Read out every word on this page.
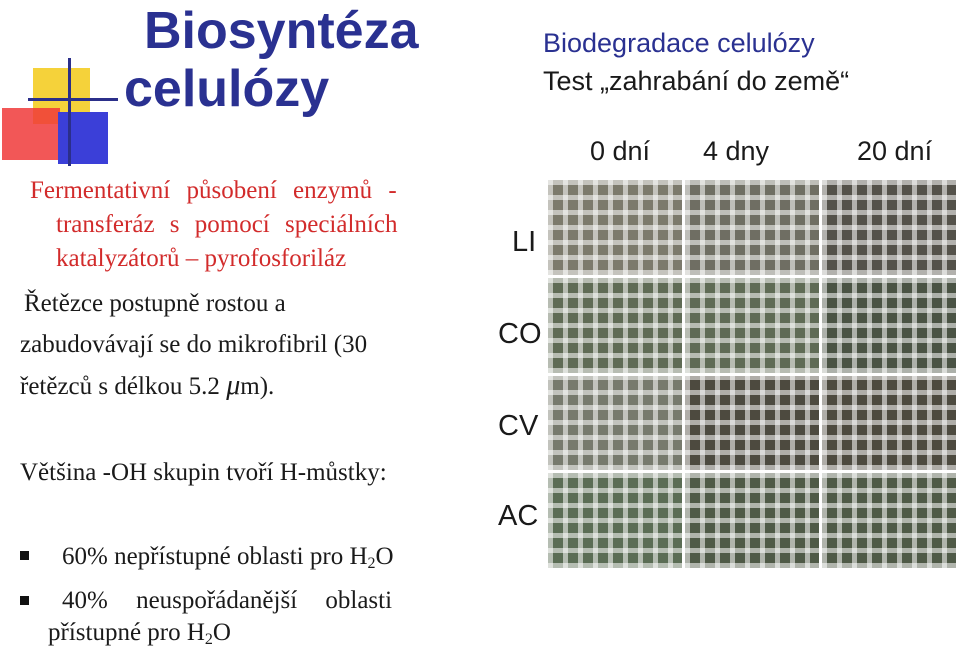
Biosyntéza
celulózy
Fermentativní působení enzymů -
transferáz s pomocí speciálních
katalyzátorů – pyrofosforiláz
Řetězce postupně rostou a
zabudovávají se do mikrofibril (30
řetězců s délkou 5.2 μm).
Většina -OH skupin tvoří H-můstky:
60% nepřístupné oblasti pro $H_2O$
40% neuspořádanější oblasti
přístupné pro $H_2O$
Biodegradace celulózy
Test „zahrabání do země“
0 dní 4 dny	20 dní
LI
CO
CV
AC
